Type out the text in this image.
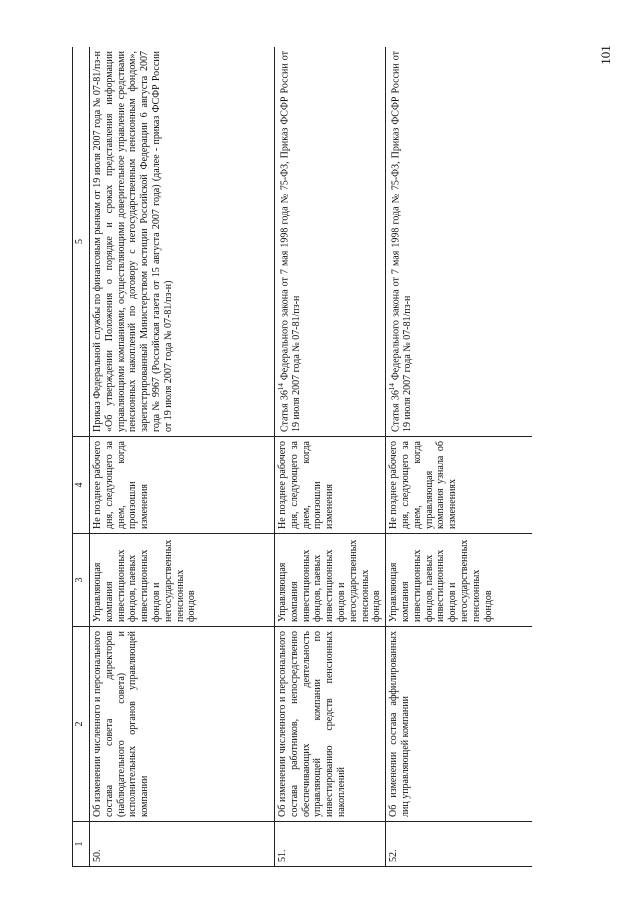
101
1	2	3	4	5
50.	Об изменении численного и персонального состава совета директоров (наблюдательного совета) и исполнительных органов управляющей компании	Управляющая компания инвестиционных фондов, паевых инвестиционных фондов и негосударственных пенсионных фондов	Не позднее рабочего дня, следующего за днем, когда произошли изменения	Приказ Федеральной службы по финансовым рынкам от 19 июля 2007 года № 07-81/пз-н «Об утверждении Положения о порядке и сроках представления информации управляющими компаниями, осуществляющими доверительное управление средствами пенсионных накоплений по договору с негосударственным пенсионным фондом», зарегистрированный Министерством юстиции Российской Федерации 6 августа 2007 года № 9967 (Российская газета от 15 августа 2007 года) (далее - приказ ФСФР России от 19 июля 2007 года № 07-81/пз-н)
51.	Об изменении численного и персонального состава работников, непосредственно обеспечивающих деятельность управляющей компании по инвестированию средств пенсионных накоплений	Управляющая компания инвестиционных фондов, паевых инвестиционных фондов и негосударственных пенсионных фондов	Не позднее рабочего дня, следующего за днем, когда произошли изменения	Статья $36^{14}$ Федерального закона от 7 мая 1998 года № 75-ФЗ, Приказ ФСФР России от 19 июля 2007 года № 07-81/пз-н
52.	Об изменении состава аффилированных лиц управляющей компании	Управляющая компания инвестиционных фондов, паевых инвестиционных фондов и негосударственных пенсионных фондов	Не позднее рабочего дня, следующего за днем, когда управляющая компания узнала об изменениях	Статья $36^{14}$ Федерального закона от 7 мая 1998 года № 75-ФЗ, Приказ ФСФР России от 19 июля 2007 года № 07-81/пз-н
